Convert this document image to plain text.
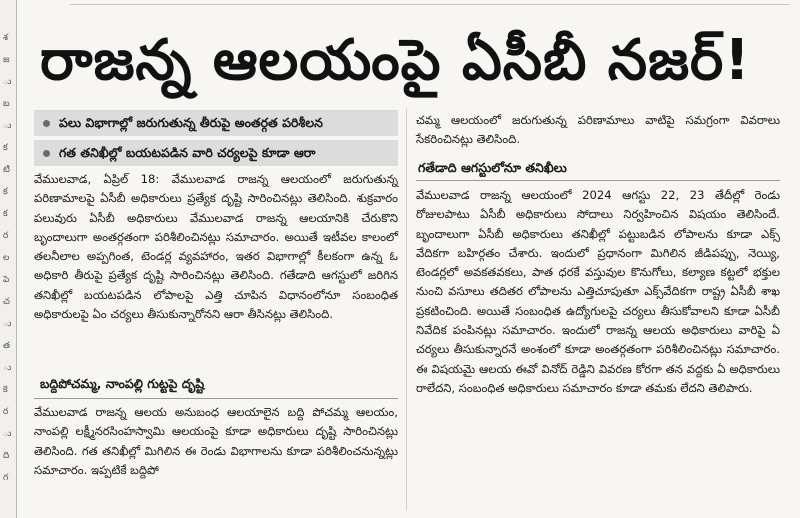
శ
జ
ు
బ
ు
క
టి
క
క
ర
ల
పె
చ
ు
త
ు
కె
ర
ు
ది
గ
రాజన్న ఆలయంపై ఏసీబీ నజర్!
పలు విభాగాల్లో జరుగుతున్న తీరుపై అంతర్గత పరిశీలన
గత తనిఖీల్లో బయటపడిన వారి చర్యలపై కూడా ఆరా

వేములవాడ, ఏప్రిల్ 18: వేములవాడ రాజన్న ఆలయంలో జరుగుతున్న పరిణామాలపై ఏసీబీ అధికారులు ప్రత్యేక దృష్టి సారించినట్లు తెలిసింది. శుక్రవారం పలువురు ఏసీబీ అధికారులు వేములవాడ రాజన్న ఆలయానికి చేరుకొని బృందాలుగా అంతర్గతంగా పరిశీలించినట్లు సమాచారం. అయితే ఇటీవల కాలంలో తలనీలాల అప్పగింత, టెండర్ల వ్యవహారం, ఇతర విభాగాల్లో కీలకంగా ఉన్న ఓ అధికారి తీరుపై ప్రత్యేక దృష్టి సారించినట్లు తెలిసింది. గతేడాది ఆగస్టులో జరిగిన తనిఖీల్లో బయటపడిన లోపాలపై ఎత్తి చూపిన విధానంలోనూ సంబంధిత అధికారులపై ఏం చర్యలు తీసుకున్నారోనని ఆరా తీసినట్లు తెలిసింది.

బద్దిపోచమ్మ, నాంపల్లి గుట్టపై దృష్టి

వేములవాడ రాజన్న ఆలయ అనుబంధ ఆలయాలైన బద్ది పోచమ్మ ఆలయం, నాంపల్లి లక్ష్మీనరసింహస్వామి ఆలయంపై కూడా అధికారులు దృష్టి సారించినట్లు తెలిసింది. గత తనిఖీల్లో మిగిలిన ఈ రెండు విభాగాలను కూడా పరిశీలించనున్నట్లు సమాచారం. ఇప్పటికే బద్దిపో

చమ్మ ఆలయంలో జరుగుతున్న పరిణామాలు వాటిపై సమగ్రంగా వివరాలు సేకరించినట్లు తెలిసింది.

గతేడాది ఆగస్టులోనూ తనిఖీలు

వేములవాడ రాజన్న ఆలయంలో 2024 ఆగస్టు 22, 23 తేదీల్లో రెండు రోజులపాటు ఏసీబీ అధికారులు సోదాలు నిర్వహించిన విషయం తెలిసిందే. బృందాలుగా ఏసీబీ అధికారులు తనిఖీల్లో పట్టుబడిన లోపాలను కూడా ఎక్స్ వేదికగా బహిర్గతం చేశారు. ఇందులో ప్రధానంగా మిగిలిన జీడిపప్పు, నెయ్యి, టెండర్లలో అవకతవకలు, పాత ధరకే వస్తువుల కొనుగోలు, కల్యాణ కట్టలో భక్తుల నుంచి వసూలు తదితర లోపాలను ఎత్తిచూపుతూ ఎక్స్‌వేదికగా రాష్ట్ర ఏసీబీ శాఖ ప్రకటించింది. అయితే సంబంధిత ఉద్యోగులపై చర్యలు తీసుకోవాలని కూడా ఏసీబీ నివేదిక పంపినట్లు సమాచారం. ఇందులో రాజన్న ఆలయ అధికారులు వారిపై ఏ చర్యలు తీసుకున్నారనే అంశంలో కూడా అంతర్గతంగా పరిశీలించినట్లు సమాచారం. ఈ విషయమై ఆలయ ఈవో వినోద్ రెడ్డిని వివరణ కోరగా తన వద్దకు ఏ అధికారులు రాలేదని, సంబంధిత అధికారులు సమాచారం కూడా తమకు లేదని తెలిపారు.
